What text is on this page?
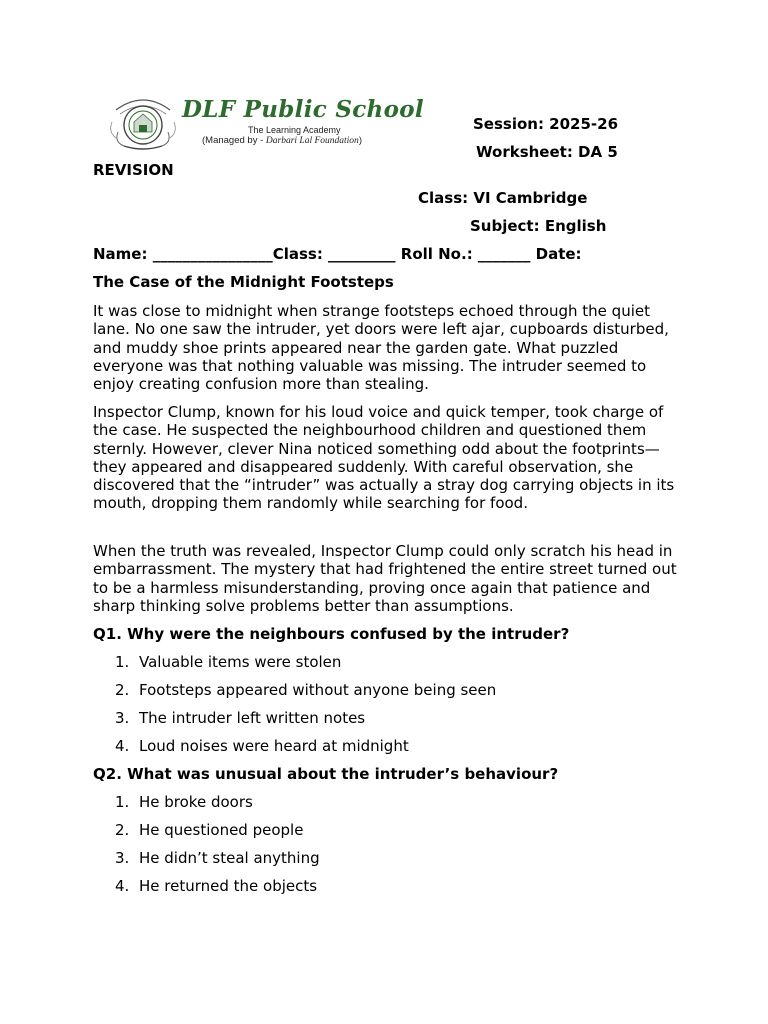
DLF Public School
The Learning Academy
(Managed by - Darbari Lal Foundation)
Session: 2025-26
Worksheet: DA 5
REVISION
Class: VI Cambridge
Subject: English
Name: ________________Class: _________ Roll No.: _______ Date:
The Case of the Midnight Footsteps

It was close to midnight when strange footsteps echoed through the quiet lane. No one saw the intruder, yet doors were left ajar, cupboards disturbed, and muddy shoe prints appeared near the garden gate. What puzzled everyone was that nothing valuable was missing. The intruder seemed to enjoy creating confusion more than stealing.

Inspector Clump, known for his loud voice and quick temper, took charge of the case. He suspected the neighbourhood children and questioned them sternly. However, clever Nina noticed something odd about the footprints—they appeared and disappeared suddenly. With careful observation, she discovered that the “intruder” was actually a stray dog carrying objects in its mouth, dropping them randomly while searching for food.

When the truth was revealed, Inspector Clump could only scratch his head in embarrassment. The mystery that had frightened the entire street turned out to be a harmless misunderstanding, proving once again that patience and sharp thinking solve problems better than assumptions.

Q1. Why were the neighbours confused by the intruder?
1. Valuable items were stolen
2. Footsteps appeared without anyone being seen
3. The intruder left written notes
4. Loud noises were heard at midnight
Q2. What was unusual about the intruder’s behaviour?
1. He broke doors
2. He questioned people
3. He didn’t steal anything
4. He returned the objects
